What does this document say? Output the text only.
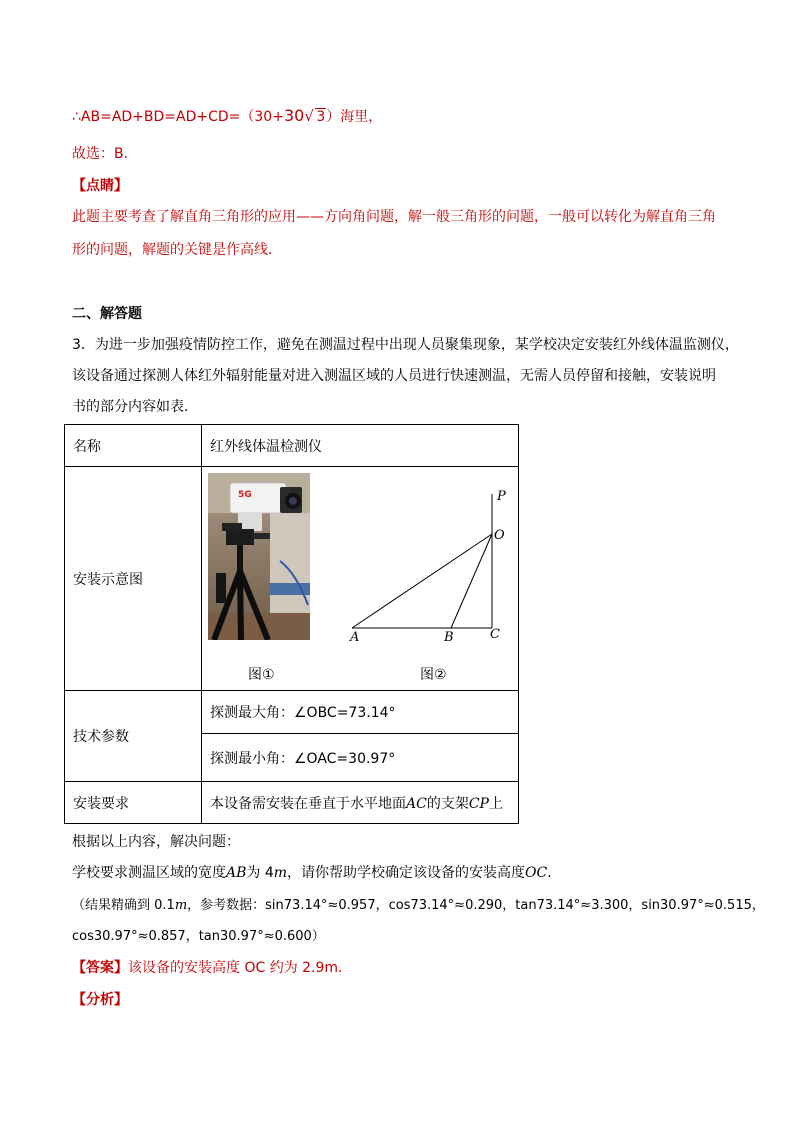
∴AB=AD+BD=AD+CD=（30+30 √ 3）海里，
故选：B．
【点睛】
此题主要考查了解直角三角形的应用——方向角问题，解一般三角形的问题，一般可以转化为解直角三角
形的问题，解题的关键是作高线．
二、解答题
3．为进一步加强疫情防控工作，避免在测温过程中出现人员聚集现象，某学校决定安装红外线体温监测仪，
该设备通过探测人体红外辐射能量对进入测温区域的人员进行快速测温，无需人员停留和接触，安装说明
书的部分内容如表．
名称	红外线体温检测仪
安装示意图	
技术参数	探测最大角：∠OBC=73.14°
	探测最小角：∠OAC=30.97°
安装要求	本设备需安装在垂直于水平地面AC的支架CP上
5G	P
O
A	B	C
图①	图②
根据以上内容，解决问题：
学校要求测温区域的宽度AB为 4m，请你帮助学校确定该设备的安装高度OC．
（结果精确到 0.1m，参考数据：sin73.14°≈0.957，cos73.14°≈0.290，tan73.14°≈3.300，sin30.97°≈0.515，
cos30.97°≈0.857，tan30.97°≈0.600）
【答案】该设备的安装高度 OC 约为 2.9m.
【分析】
